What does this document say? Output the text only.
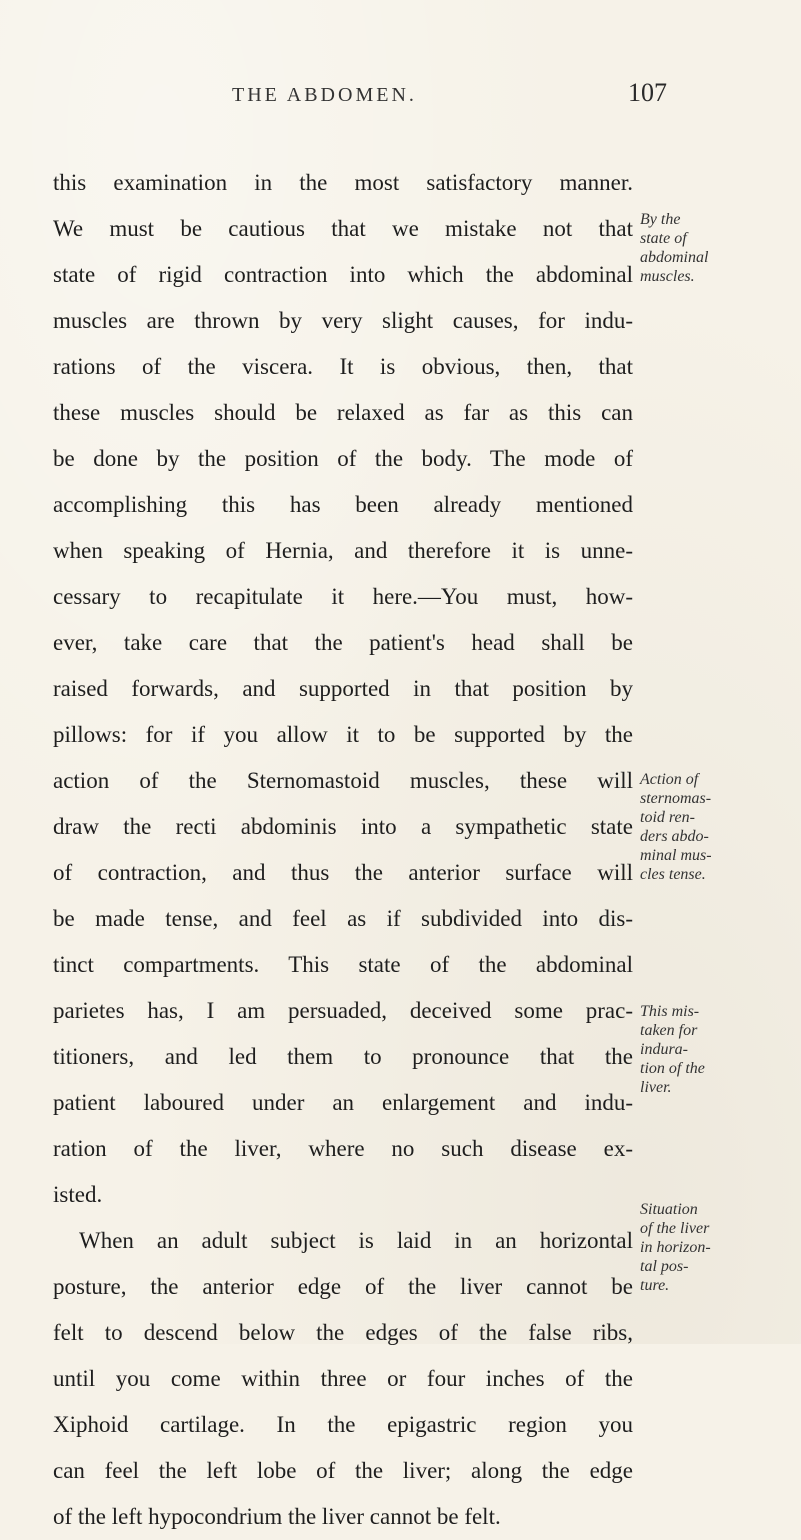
THE ABDOMEN.	107
this examination in the most satisfactory manner.
We must be cautious that we mistake not that
state of rigid contraction into which the abdominal
muscles are thrown by very slight causes, for indu-
rations of the viscera. It is obvious, then, that
these muscles should be relaxed as far as this can
be done by the position of the body. The mode of
accomplishing this has been already mentioned
when speaking of Hernia, and therefore it is unne-
cessary to recapitulate it here.—You must, how-
ever, take care that the patient's head shall be
raised forwards, and supported in that position by
pillows: for if you allow it to be supported by the
action of the Sternomastoid muscles, these will
draw the recti abdominis into a sympathetic state
of contraction, and thus the anterior surface will
be made tense, and feel as if subdivided into dis-
tinct compartments. This state of the abdominal
parietes has, I am persuaded, deceived some prac-
titioners, and led them to pronounce that the
patient laboured under an enlargement and indu-
ration of the liver, where no such disease ex-
isted.
When an adult subject is laid in an horizontal
posture, the anterior edge of the liver cannot be
felt to descend below the edges of the false ribs,
until you come within three or four inches of the
Xiphoid cartilage. In the epigastric region you
can feel the left lobe of the liver; along the edge
of the left hypocondrium the liver cannot be felt.
By the
state of
abdominal
muscles.
Action of
sternomas-
toid ren-
ders abdo-
minal mus-
cles tense.
This mis-
taken for
indura-
tion of the
liver.
Situation
of the liver
in horizon-
tal pos-
ture.
